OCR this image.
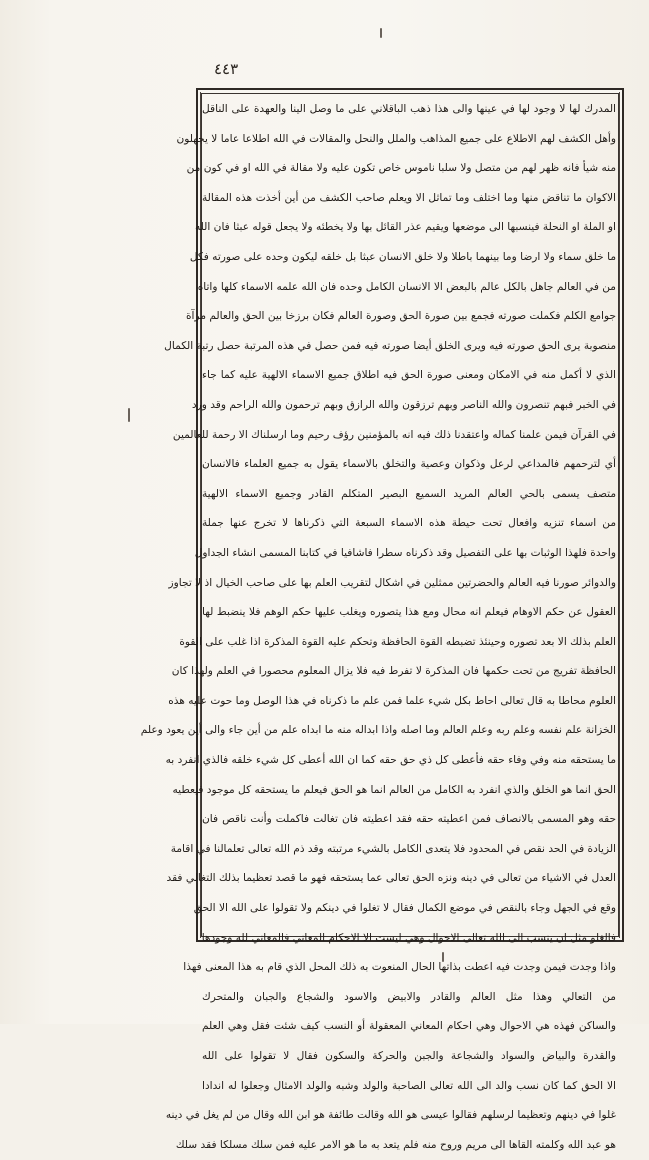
٤٤٣
المدرك لها لا وجود لها في عينها والى هذا ذهب الباقلاني على ما وصل الينا والعهدة على الناقل
وأهل الكشف لهم الاطلاع على جميع المذاهب والملل والنحل والمقالات في الله اطلاعا عاما لا يجهلون
منه شيأ فانه ظهر لهم من متصل ولا سلبا ناموس خاص تكون عليه ولا مقالة في الله او في كون من
الاكوان ما تناقض منها وما اختلف وما تماثل الا ويعلم صاحب الكشف من أين أخذت هذه المقالة
او الملة او النحلة فينسبها الى موضعها ويقيم عذر القائل بها ولا يخطئه ولا يجعل قوله عبثا فان الله
ما خلق سماء ولا ارضا وما بينهما باطلا ولا خلق الانسان عبثا بل خلقه ليكون وحده على صورته فكل
من في العالم جاهل بالكل عالم بالبعض الا الانسان الكامل وحده فان الله علمه الاسماء كلها واتاه
جوامع الكلم فكملت صورته فجمع بين صورة الحق وصورة العالم فكان برزخا بين الحق والعالم مرآة
منصوبة يرى الحق صورته فيه ويرى الخلق أيضا صورته فيه فمن حصل في هذه المرتبة حصل رتبة الكمال
الذي لا أكمل منه في الامكان ومعنى صورة الحق فيه اطلاق جميع الاسماء الالهية عليه كما جاء
في الخبر فبهم تنصرون والله الناصر وبهم ترزقون والله الرازق وبهم ترحمون والله الراحم وقد ورد
في القرآن فيمن علمنا كماله واعتقدنا ذلك فيه انه بالمؤمنين رؤف رحيم وما ارسلناك الا رحمة للعالمين
أي لترحمهم فالمداعي لرعل وذكوان وعصية والتخلق بالاسماء يقول به جميع العلماء فالانسان
متصف يسمى بالحي العالم المريد السميع البصير المتكلم القادر وجميع الاسماء الالهية
من اسماء تنزيه وافعال تحت حيطة هذه الاسماء السبعة التي ذكرناها لا تخرج عنها جملة
واحدة فلهذا الوثبات بها على التفصيل وقد ذكرناه سطرا فاشافيا في كتابنا المسمى انشاء الجداول
والدوائر صورنا فيه العالم والحضرتين ممثلين في اشكال لتقريب العلم بها على صاحب الخيال اذ لا تجاوز
العقول عن حكم الاوهام فيعلم انه محال ومع هذا يتصوره ويغلب عليها حكم الوهم فلا ينضبط لها
العلم بذلك الا بعد تصوره وحينئذ تضبطه القوة الحافظة وتحكم عليه القوة المذكرة اذا غلب على القوة
الحافظة تفريج من تحت حكمها فان المذكرة لا تفرط فيه فلا يزال المعلوم محصورا في العلم ولهذا كان
العلوم محاطا به قال تعالى احاط بكل شيء علما فمن علم ما ذكرناه في هذا الوصل وما حوت عليه هذه
الخزانة علم نفسه وعلم ربه وعلم العالم وما اصله واذا ابداله منه ما ابداه علم من أين جاء والى أين يعود وعلم
ما يستحقه منه وفي وفاء حقه فأعطى كل ذي حق حقه كما ان الله أعطى كل شيء خلقه فالذي انفرد به
الحق انما هو الخلق والذي انفرد به الكامل من العالم انما هو الحق فيعلم ما يستحقه كل موجود فيعطيه
حقه وهو المسمى بالانصاف فمن اعطيته حقه فقد اعطيته فان تغالت فاكملت وأنت ناقص فان
الزيادة في الحد نقص في المحدود فلا يتعدى الكامل بالشيء مرتبته وقد ذم الله تعالى تعلمالنا في اقامة
العدل في الاشياء من تعالى في دينه ونزه الحق تعالى عما يستحقه فهو ما قصد تعظيما بذلك التغالي فقد
وقع في الجهل وجاء بالنقص في موضع الكمال فقال لا تغلوا في دينكم ولا تقولوا على الله الا الحق
فالغلو مثل ان ينسب الى الله تعالى الاحوال وهي ليست الا الاحكام المعاني فالمعاني لله وجودها
واذا وجدت فيمن وجدت فيه اعطت بذاتها الحال المنعوت به ذلك المحل الذي قام به هذا المعنى فهذا
من التعالي وهذا مثل العالم والقادر والابيض والاسود والشجاع والجبان والمتحرك
والساكن فهذه هي الاحوال وهي احكام المعاني المعقولة أو النسب كيف شئت فقل وهي العلم
والقدرة والبياض والسواد والشجاعة والجبن والحركة والسكون فقال لا تقولوا على الله
الا الحق كما كان نسب والد الى الله تعالى الصاحبة والولد وشبه والولد الامثال وجعلوا له اندادا
غلوا في دينهم وتعظيما لرسلهم فقالوا عيسى هو الله وقالت طائفة هو ابن الله وقال من لم يغل في دينه
هو عبد الله وكلمته القاها الى مريم وروح منه فلم يتعد به ما هو الامر عليه فمن سلك مسلكا فقد سلك
